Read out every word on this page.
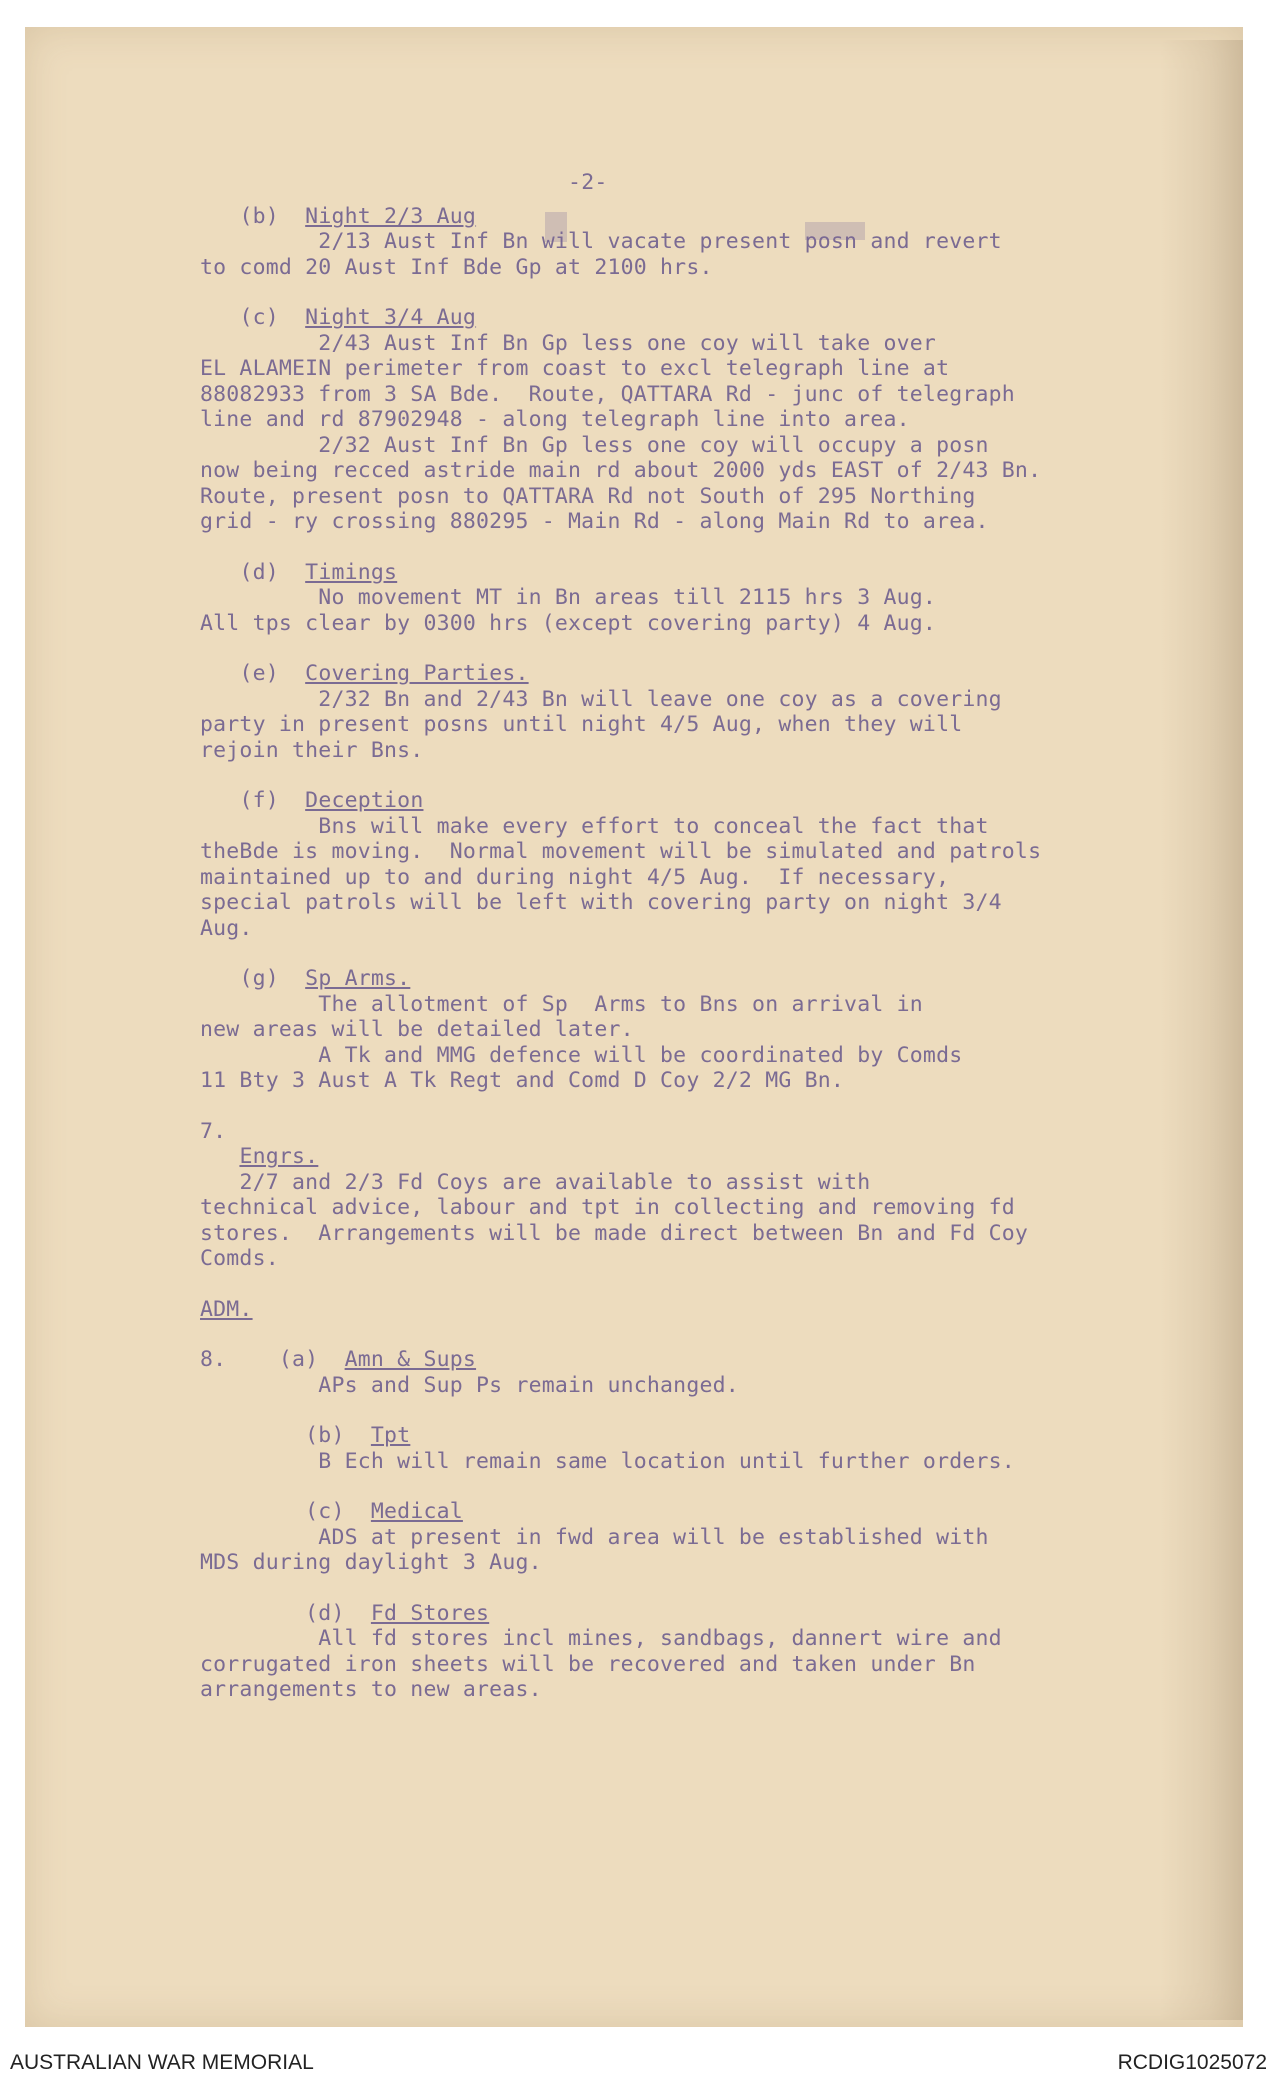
-2-
(b) Night 2/3 Aug
2/13 Aust Inf Bn will vacate present posn and revert
to comd 20 Aust Inf Bde Gp at 2100 hrs.
(c) Night 3/4 Aug
2/43 Aust Inf Bn Gp less one coy will take over
EL ALAMEIN perimeter from coast to excl telegraph line at
88082933 from 3 SA Bde.  Route, QATTARA Rd - junc of telegraph
line and rd 87902948 - along telegraph line into area.
2/32 Aust Inf Bn Gp less one coy will occupy a posn
now being recced astride main rd about 2000 yds EAST of 2/43 Bn.
Route, present posn to QATTARA Rd not South of 295 Northing
grid - ry crossing 880295 - Main Rd - along Main Rd to area.
(d) Timings
No movement MT in Bn areas till 2115 hrs 3 Aug.
All tps clear by 0300 hrs (except covering party) 4 Aug.
(e) Covering Parties.
2/32 Bn and 2/43 Bn will leave one coy as a covering
party in present posns until night 4/5 Aug, when they will
rejoin their Bns.
(f) Deception
Bns will make every effort to conceal the fact that
theBde is moving.  Normal movement will be simulated and patrols
maintained up to and during night 4/5 Aug.  If necessary,
special patrols will be left with covering party on night 3/4
Aug.
(g) Sp Arms.
The allotment of Sp  Arms to Bns on arrival in
new areas will be detailed later.
A Tk and MMG defence will be coordinated by Comds
11 Bty 3 Aust A Tk Regt and Comd D Coy 2/2 MG Bn.
7.
Engrs.
2/7 and 2/3 Fd Coys are available to assist with
technical advice, labour and tpt in collecting and removing fd
stores.  Arrangements will be made direct between Bn and Fd Coy
Comds.
ADM.
8. (a) Amn & Sups
APs and Sup Ps remain unchanged.
(b) Tpt
B Ech will remain same location until further orders.
(c) Medical
ADS at present in fwd area will be established with
MDS during daylight 3 Aug.
(d) Fd Stores
All fd stores incl mines, sandbags, dannert wire and
corrugated iron sheets will be recovered and taken under Bn
arrangements to new areas.
AUSTRALIAN WAR MEMORIAL	RCDIG1025072
